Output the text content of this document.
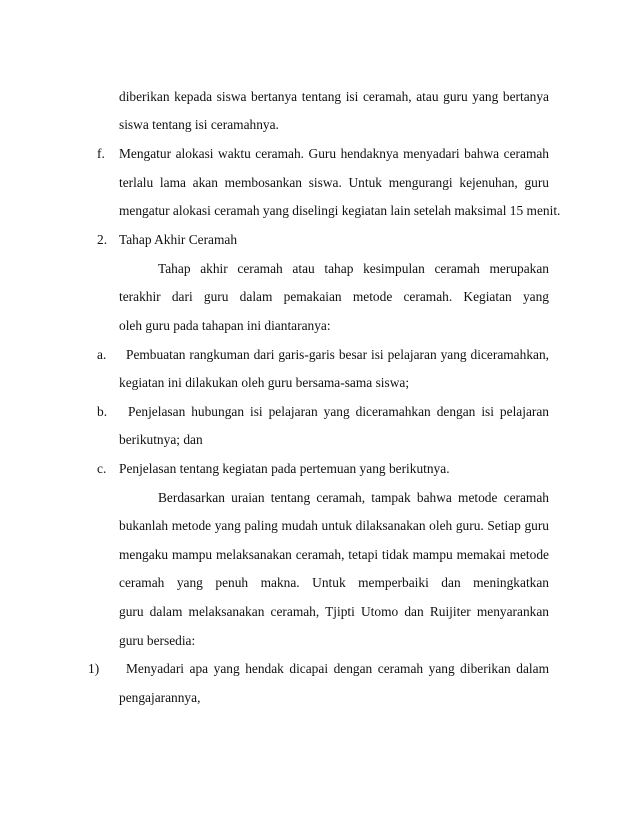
diberikan kepada siswa bertanya tentang isi ceramah, atau guru yang bertanya
siswa tentang isi ceramahnya.
f. Mengatur alokasi waktu ceramah. Guru hendaknya menyadari bahwa ceramah
terlalu lama akan membosankan siswa. Untuk mengurangi kejenuhan, guru
mengatur alokasi ceramah yang diselingi kegiatan lain setelah maksimal 15 menit.
2. Tahap Akhir Ceramah
Tahap akhir ceramah atau tahap kesimpulan ceramah merupakan
terakhir dari guru dalam pemakaian metode ceramah. Kegiatan yang
oleh guru pada tahapan ini diantaranya:
a. Pembuatan rangkuman dari garis-garis besar isi pelajaran yang diceramahkan,
kegiatan ini dilakukan oleh guru bersama-sama siswa;
b. Penjelasan hubungan isi pelajaran yang diceramahkan dengan isi pelajaran
berikutnya; dan
c. Penjelasan tentang kegiatan pada pertemuan yang berikutnya.
Berdasarkan uraian tentang ceramah, tampak bahwa metode ceramah
bukanlah metode yang paling mudah untuk dilaksanakan oleh guru. Setiap guru
mengaku mampu melaksanakan ceramah, tetapi tidak mampu memakai metode
ceramah yang penuh makna. Untuk memperbaiki dan meningkatkan
guru dalam melaksanakan ceramah, Tjipti Utomo dan Ruijiter menyarankan
guru bersedia:
1) Menyadari apa yang hendak dicapai dengan ceramah yang diberikan dalam
pengajarannya,
